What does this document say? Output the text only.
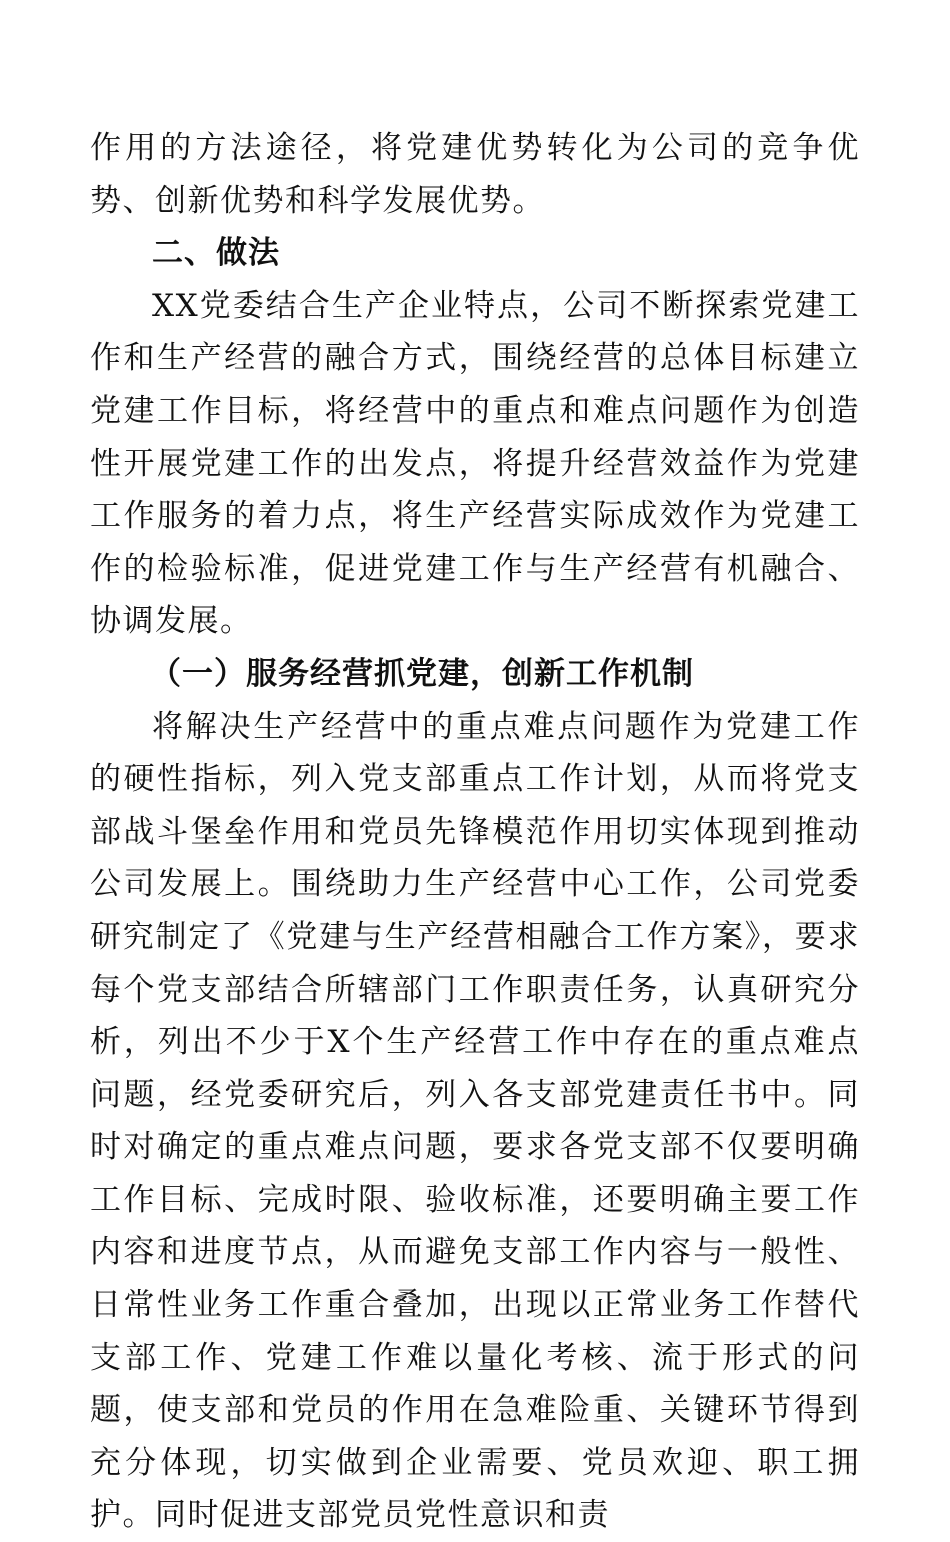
作用的方法途径，将党建优势转化为公司的竞争优势、创新优势和科学发展优势。

二、做法

XX党委结合生产企业特点，公司不断探索党建工作和生产经营的融合方式，围绕经营的总体目标建立党建工作目标，将经营中的重点和难点问题作为创造性开展党建工作的出发点，将提升经营效益作为党建工作服务的着力点，将生产经营实际成效作为党建工作的检验标准，促进党建工作与生产经营有机融合、协调发展。

（一）服务经营抓党建，创新工作机制

将解决生产经营中的重点难点问题作为党建工作的硬性指标，列入党支部重点工作计划，从而将党支部战斗堡垒作用和党员先锋模范作用切实体现到推动公司发展上。围绕助力生产经营中心工作，公司党委研究制定了《党建与生产经营相融合工作方案》，要求每个党支部结合所辖部门工作职责任务，认真研究分析，列出不少于X个生产经营工作中存在的重点难点问题，经党委研究后，列入各支部党建责任书中。同时对确定的重点难点问题，要求各党支部不仅要明确工作目标、完成时限、验收标准，还要明确主要工作内容和进度节点，从而避免支部工作内容与一般性、日常性业务工作重合叠加，出现以正常业务工作替代支部工作、党建工作难以量化考核、流于形式的问题，使支部和党员的作用在急难险重、关键环节得到充分体现，切实做到企业需要、党员欢迎、职工拥护。同时促进支部党员党性意识和责
